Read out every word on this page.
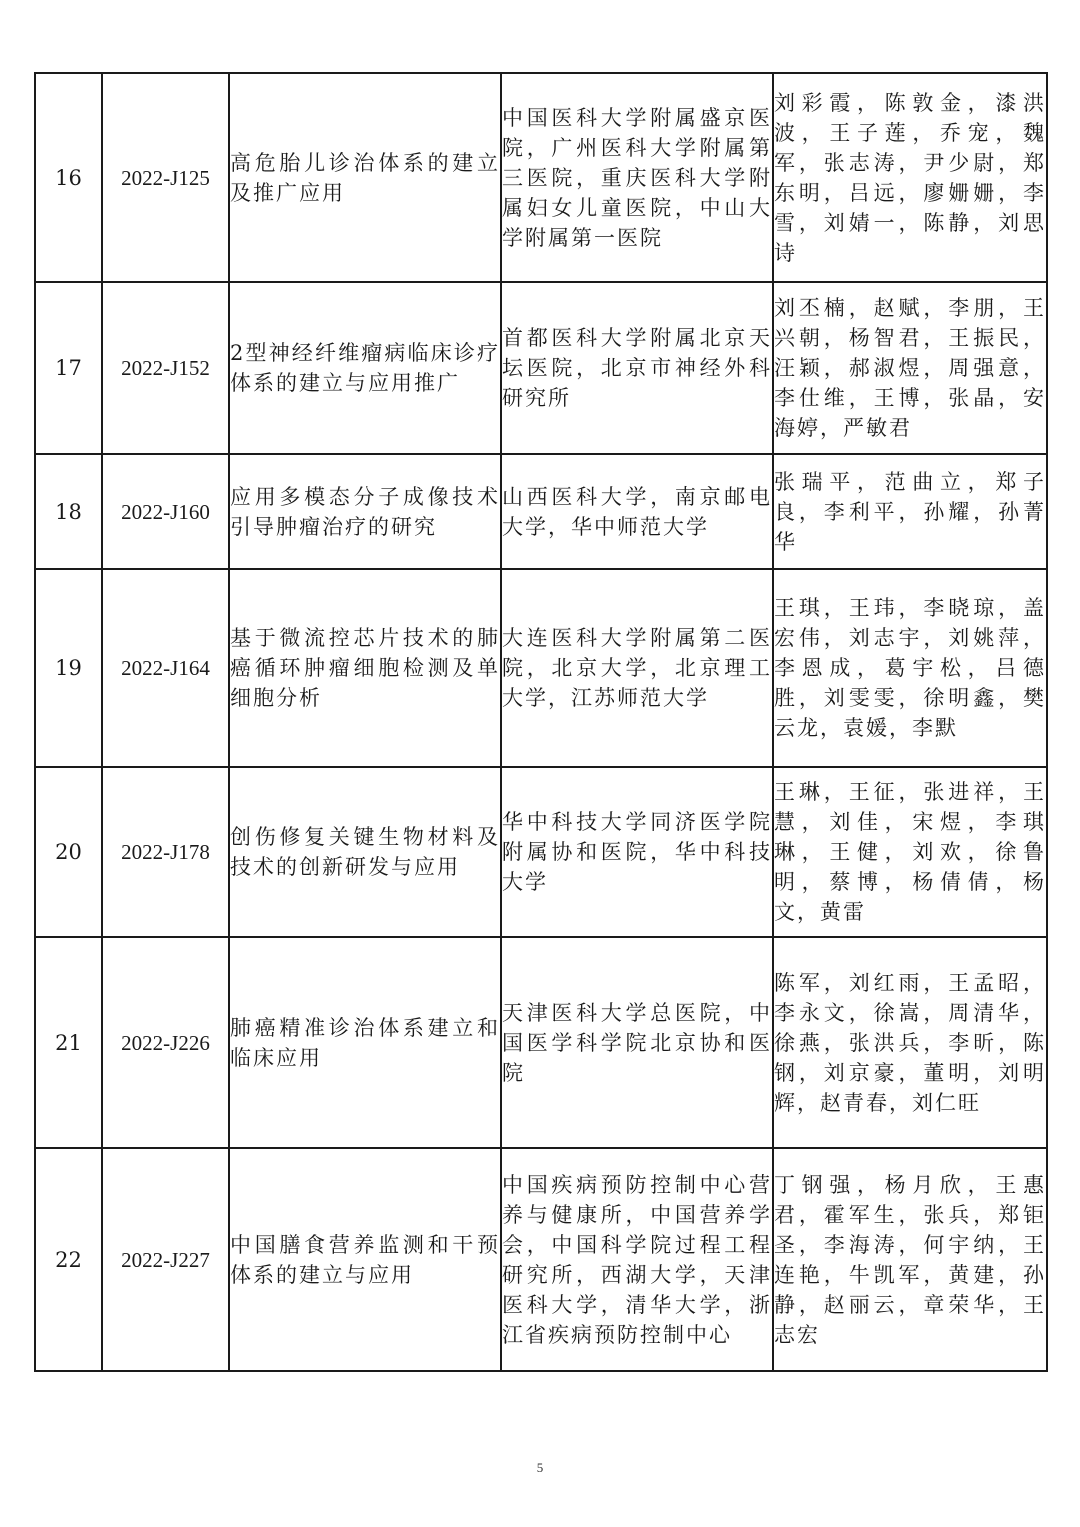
16	2022-J125	高危胎儿诊治体系的建立及推广应用	中国医科大学附属盛京医院，广州医科大学附属第三医院，重庆医科大学附属妇女儿童医院，中山大学附属第一医院	刘彩霞，陈敦金，漆洪波，王子莲，乔宠，魏军，张志涛，尹少尉，郑东明，吕远，廖姗姗，李雪，刘婧一，陈静，刘思诗
17	2022-J152	2型神经纤维瘤病临床诊疗体系的建立与应用推广	首都医科大学附属北京天坛医院，北京市神经外科研究所	刘丕楠，赵赋，李朋，王兴朝，杨智君，王振民，汪颖，郝淑煜，周强意，李仕维，王博，张晶，安海婷，严敏君
18	2022-J160	应用多模态分子成像技术引导肿瘤治疗的研究	山西医科大学，南京邮电大学，华中师范大学	张瑞平，范曲立，郑子良，李利平，孙耀，孙菁华
19	2022-J164	基于微流控芯片技术的肺癌循环肿瘤细胞检测及单细胞分析	大连医科大学附属第二医院，北京大学，北京理工大学，江苏师范大学	王琪，王玮，李晓琼，盖宏伟，刘志宇，刘姚萍，李恩成，葛宇松，吕德胜，刘雯雯，徐明鑫，樊云龙，袁媛，李默
20	2022-J178	创伤修复关键生物材料及技术的创新研发与应用	华中科技大学同济医学院附属协和医院，华中科技大学	王琳，王征，张进祥，王慧，刘佳，宋煜，李琪琳，王健，刘欢，徐鲁明，蔡博，杨倩倩，杨文，黄雷
21	2022-J226	肺癌精准诊治体系建立和临床应用	天津医科大学总医院，中国医学科学院北京协和医院	陈军，刘红雨，王孟昭，李永文，徐嵩，周清华，徐燕，张洪兵，李昕，陈钢，刘京豪，董明，刘明辉，赵青春，刘仁旺
22	2022-J227	中国膳食营养监测和干预体系的建立与应用	中国疾病预防控制中心营养与健康所，中国营养学会，中国科学院过程工程研究所，西湖大学，天津医科大学，清华大学，浙江省疾病预防控制中心	丁钢强，杨月欣，王惠君，霍军生，张兵，郑钜圣，李海涛，何宇纳，王连艳，牛凯军，黄建，孙静，赵丽云，章荣华，王志宏
5
